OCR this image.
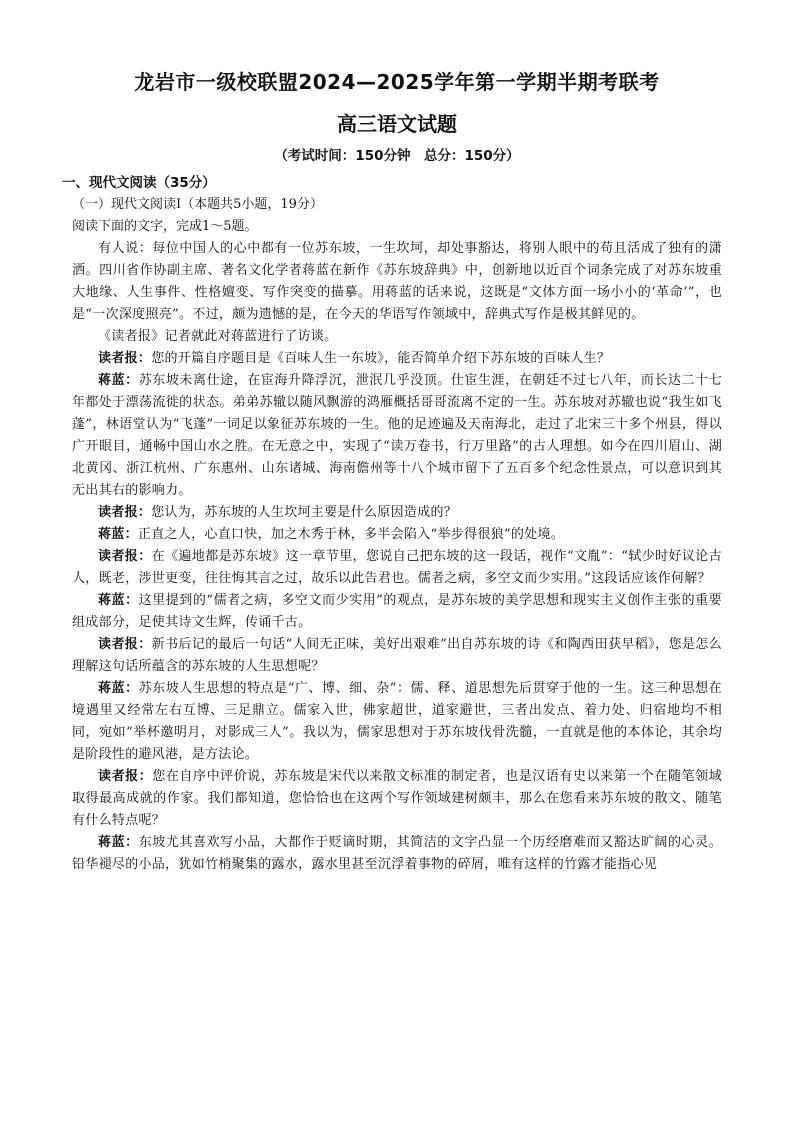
龙岩市一级校联盟2024—2025学年第一学期半期考联考
高三语文试题
（考试时间：150分钟　总分：150分）
一、现代文阅读（35分）
（一）现代文阅读Ⅰ（本题共5小题，19分）
阅读下面的文字，完成1～5题。

有人说：每位中国人的心中都有一位苏东坡，一生坎坷，却处事豁达，将别人眼中的苟且活成了独有的潇洒。四川省作协副主席、著名文化学者蒋蓝在新作《苏东坡辞典》中，创新地以近百个词条完成了对苏东坡重大地缘、人生事件、性格嬗变、写作突变的描摹。用蒋蓝的话来说，这既是“文体方面一场小小的‘革命’”，也是“一次深度照亮”。不过，颇为遗憾的是，在今天的华语写作领域中，辞典式写作是极其鲜见的。

《读者报》记者就此对蒋蓝进行了访谈。

读者报：您的开篇自序题目是《百味人生一东坡》，能否简单介绍下苏东坡的百味人生？

蒋蓝：苏东坡未离仕途，在宦海升降浮沉，泄泯几乎没顶。仕宦生涯，在朝廷不过七八年，而长达二十七年都处于漂荡流徙的状态。弟弟苏辙以随风飘游的鸿雁概括哥哥流离不定的一生。苏东坡对苏辙也说“我生如飞蓬”，林语堂认为“飞蓬”一词足以象征苏东坡的一生。他的足迹遍及天南海北，走过了北宋三十多个州县，得以广开眼目，通畅中国山水之胜。在无意之中，实现了“读万卷书，行万里路”的古人理想。如今在四川眉山、湖北黄冈、浙江杭州、广东惠州、山东诸城、海南儋州等十八个城市留下了五百多个纪念性景点，可以意识到其无出其右的影响力。

读者报：您认为，苏东坡的人生坎坷主要是什么原因造成的？

蒋蓝：正直之人，心直口快，加之木秀于林，多半会陷入“举步得很狼”的处境。

读者报：在《遍地都是苏东坡》这一章节里，您说自己把东坡的这一段话，视作“文胤”：“轼少时好议论古人，既老，涉世更变，往往悔其言之过，故乐以此告君也。儒者之病，多空文而少实用。”这段话应该作何解？

蒋蓝：这里提到的“儒者之病，多空文而少实用”的观点，是苏东坡的美学思想和现实主义创作主张的重要组成部分，足使其诗文生辉，传诵千古。

读者报：新书后记的最后一句话“人间无正味，美好出艰难”出自苏东坡的诗《和陶西田获早稻》，您是怎么理解这句话所蕴含的苏东坡的人生思想呢？

蒋蓝：苏东坡人生思想的特点是“广、博、细、杂”：儒、释、道思想先后贯穿于他的一生。这三种思想在境遇里又经常左右互博、三足鼎立。儒家入世，佛家超世，道家避世，三者出发点、着力处、归宿地均不相同，宛如“举杯邀明月，对影成三人”。我以为，儒家思想对于苏东坡伐骨洗髓，一直就是他的本体论，其余均是阶段性的避风港，是方法论。

读者报：您在自序中评价说，苏东坡是宋代以来散文标准的制定者，也是汉语有史以来第一个在随笔领域取得最高成就的作家。我们都知道，您恰恰也在这两个写作领域建树颇丰，那么在您看来苏东坡的散文、随笔有什么特点呢？

蒋蓝：东坡尤其喜欢写小品，大都作于贬谪时期，其简洁的文字凸显一个历经磨难而又豁达旷阔的心灵。铅华褪尽的小品，犹如竹梢聚集的露水，露水里甚至沉浮着事物的碎屑，唯有这样的竹露才能指心见
